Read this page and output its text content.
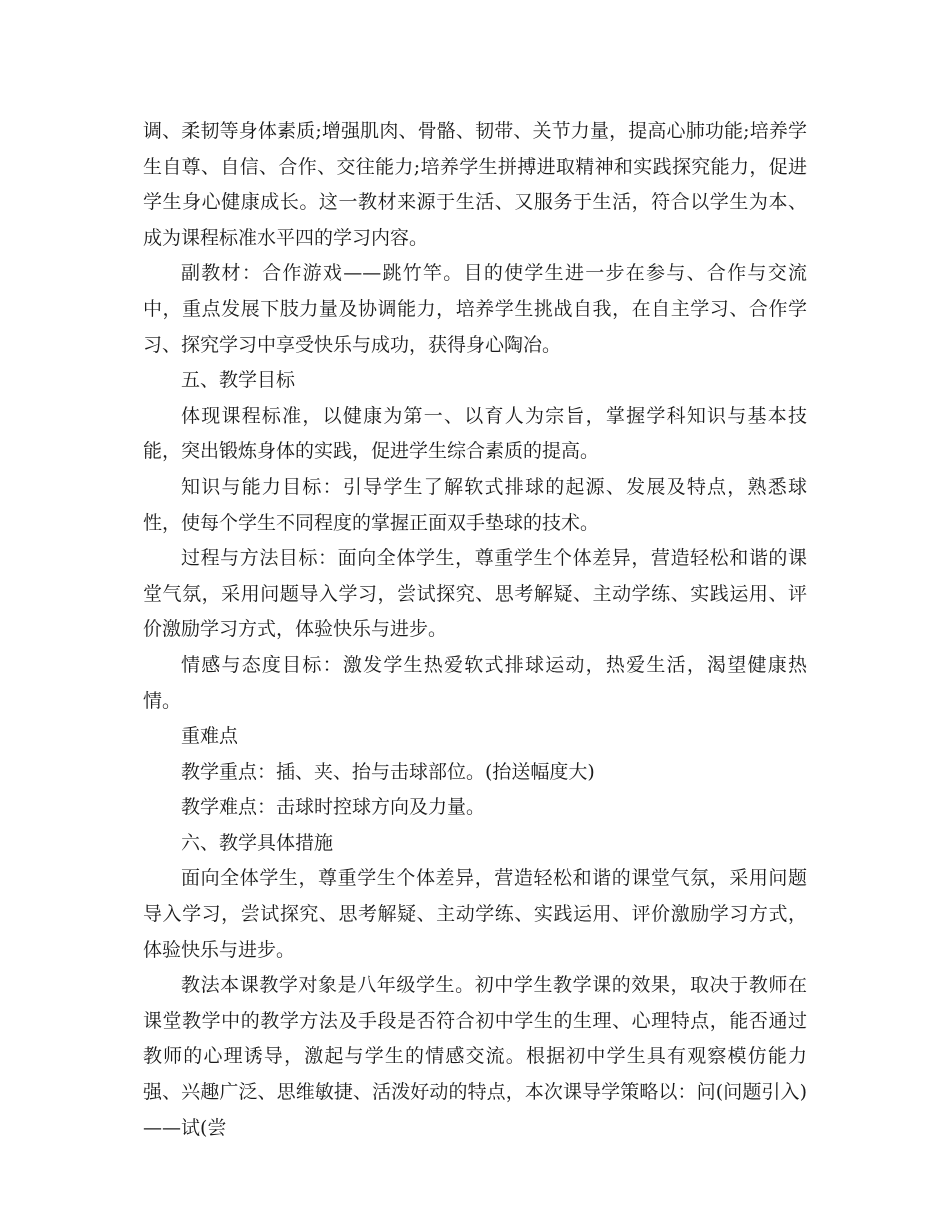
调、柔韧等身体素质;增强肌肉、骨骼、韧带、关节力量，提高心肺功能;培养学生自尊、自信、合作、交往能力;培养学生拼搏进取精神和实践探究能力，促进学生身心健康成长。这一教材来源于生活、又服务于生活，符合以学生为本、成为课程标准水平四的学习内容。

副教材：合作游戏——跳竹竿。目的使学生进一步在参与、合作与交流中，重点发展下肢力量及协调能力，培养学生挑战自我，在自主学习、合作学习、探究学习中享受快乐与成功，获得身心陶冶。

五、教学目标

体现课程标准，以健康为第一、以育人为宗旨，掌握学科知识与基本技能，突出锻炼身体的实践，促进学生综合素质的提高。

知识与能力目标：引导学生了解软式排球的起源、发展及特点，熟悉球性，使每个学生不同程度的掌握正面双手垫球的技术。

过程与方法目标：面向全体学生，尊重学生个体差异，营造轻松和谐的课堂气氛，采用问题导入学习，尝试探究、思考解疑、主动学练、实践运用、评价激励学习方式，体验快乐与进步。

情感与态度目标：激发学生热爱软式排球运动，热爱生活，渴望健康热情。

重难点

教学重点：插、夹、抬与击球部位。(抬送幅度大)

教学难点：击球时控球方向及力量。

六、教学具体措施

面向全体学生，尊重学生个体差异，营造轻松和谐的课堂气氛，采用问题导入学习，尝试探究、思考解疑、主动学练、实践运用、评价激励学习方式，体验快乐与进步。

教法本课教学对象是八年级学生。初中学生教学课的效果，取决于教师在课堂教学中的教学方法及手段是否符合初中学生的生理、心理特点，能否通过教师的心理诱导，激起与学生的情感交流。根据初中学生具有观察模仿能力强、兴趣广泛、思维敏捷、活泼好动的特点，本次课导学策略以：问(问题引入)——试(尝
